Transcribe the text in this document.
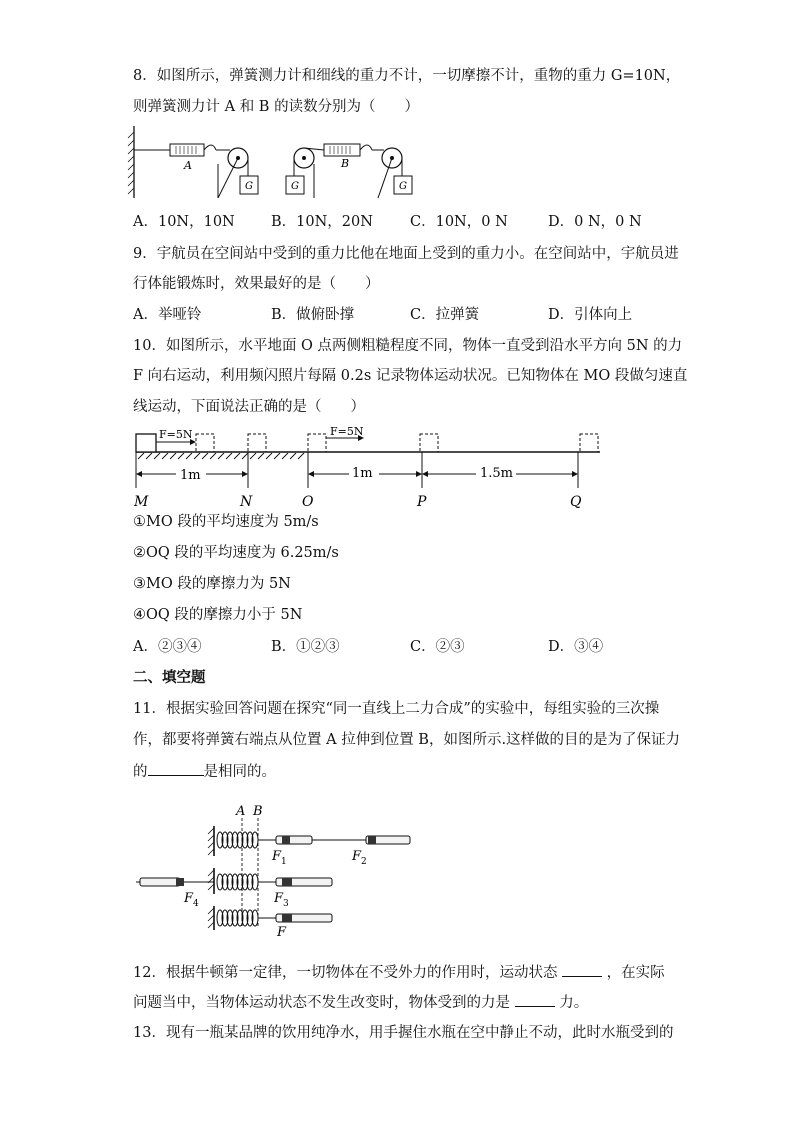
8．如图所示，弹簧测力计和细线的重力不计，一切摩擦不计，重物的重力 G=10N，
则弹簧测力计 A 和 B 的读数分别为（　　）
A
G	G
B
G
A．10N，10N	B．10N，20N	C．10N，0 N	D．0 N，0 N
9．宇航员在空间站中受到的重力比他在地面上受到的重力小。在空间站中，宇航员进
行体能锻炼时，效果最好的是（　　）
A．举哑铃	B．做俯卧撑	C．拉弹簧	D．引体向上
10．如图所示，水平地面 O 点两侧粗糙程度不同，物体一直受到沿水平方向 5N 的力
F 向右运动，利用频闪照片每隔 0.2s 记录物体运动状况。已知物体在 MO 段做匀速直
线运动，下面说法正确的是（　　）
F=5N	F=5N
1m	1m	1.5m
M	N	O	P	Q
①MO 段的平均速度为 5m/s
②OQ 段的平均速度为 6.25m/s
③MO 段的摩擦力为 5N
④OQ 段的摩擦力小于 5N
A．②③④	B．①②③	C．②③	D．③④
二、填空题
11．根据实验回答问题在探究“同一直线上二力合成”的实验中，每组实验的三次操
作，都要将弹簧右端点从位置 A 拉伸到位置 B，如图所示.这样做的目的是为了保证力
的	是相同的。
A B
F 1	F 2
F 3
F 4
F
12．根据牛顿第一定律，一切物体在不受外力的作用时，运动状态	，在实际
问题当中，当物体运动状态不发生改变时，物体受到的力是	力。
13．现有一瓶某品牌的饮用纯净水，用手握住水瓶在空中静止不动，此时水瓶受到的
